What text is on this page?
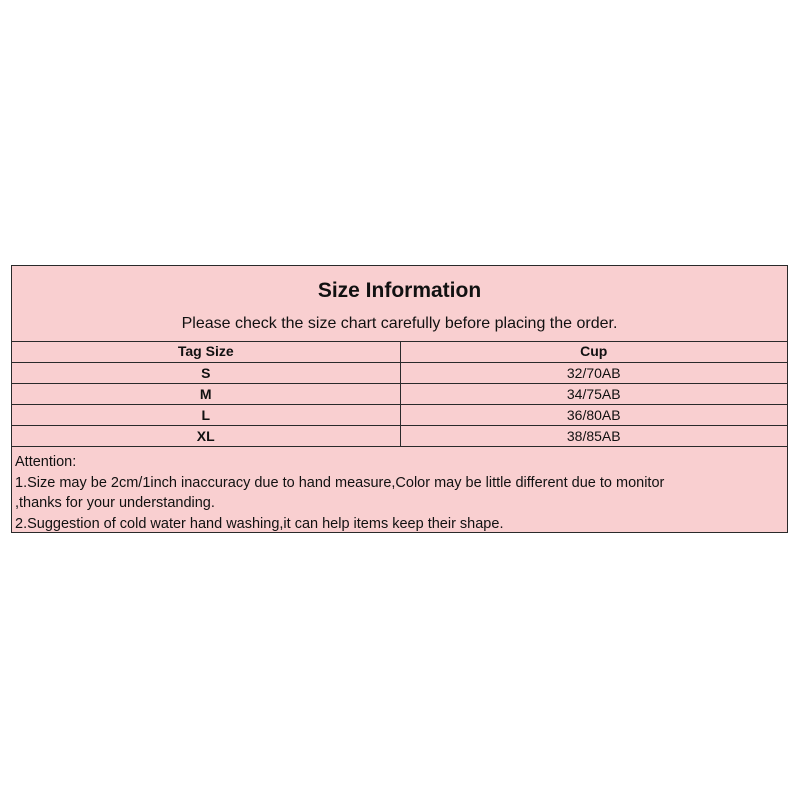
Size Information
Please check the size chart carefully before placing the order.
Tag Size	Cup
S	32/70AB
M	34/75AB
L	36/80AB
XL	38/85AB
Attention:
1.Size may be 2cm/1inch inaccuracy due to hand measure,Color may be little different due to monitor
,thanks for your understanding.
2.Suggestion of cold water hand washing,it can help items keep their shape.
